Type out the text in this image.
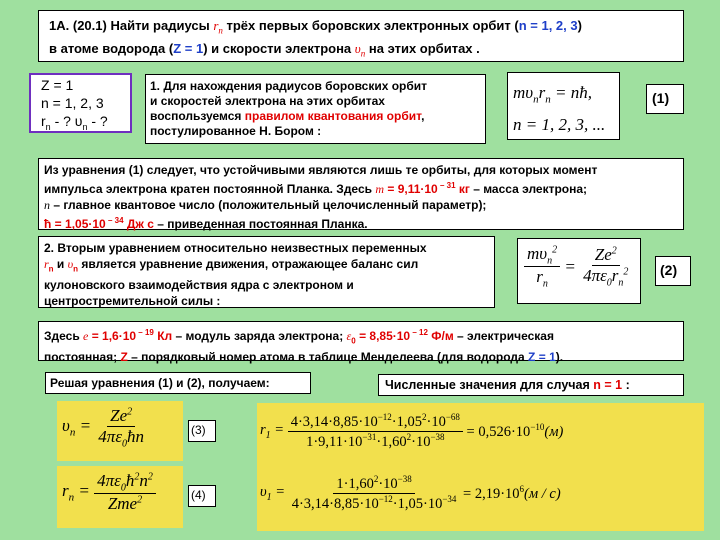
1А. (20.1) Найти радиусы $r_n$ трёх первых боровских электронных орбит (n = 1, 2, 3)
в атоме водорода (Z = 1) и скорости электрона $\upsilon_n$ на этих орбитах .
Z = 1
n = 1, 2, 3
$r_n$ - ? $\upsilon_n$ - ?
1. Для нахождения радиусов боровских орбит
и скоростей электрона на этих орбитах
воспользуемся правилом квантования орбит,
постулированное Н. Бором :
$m\upsilon_nr_n$ = nħ,
n = 1, 2, 3, ...
(1)
Из уравнения (1) следует, что устойчивыми являются лишь те орбиты, для которых момент
импульса электрона кратен постоянной Планка. Здесь m = 9,11·10 $^{- 31}$ кг – масса электрона;
n – главное квантовое число (положительный целочисленный параметр);
ħ = 1,05·10 $^{- 34}$ Дж с – приведенная постоянная Планка.
2. Вторым уравнением относительно неизвестных переменных
$r_n$ и $\upsilon_n$ является уравнение движения, отражающее баланс сил
кулоновского взаимодействия ядра с электроном и
центростремительной силы :
$\frac{m\upsilon_n^2}{r_n} = \frac{Ze^2}{4\pi\varepsilon_0r_n^2} (2)$
Здесь e = 1,6·10 $^{- 19}$ Кл – модуль заряда электрона; $\varepsilon_0 = 8,85\cdot 10$ $^{- 12}$ Ф/м – электрическая
постоянная; Z – порядковый номер атома в таблице Менделеева (для водорода Z = 1).
Решая уравнения (1) и (2), получаем:	Численные значения для случая n = 1 :
$\upsilon_n = \frac{Ze^2}{4\pi\varepsilon_0ħn}$	(3)
$r_n = \frac{4\pi\varepsilon_0ħ^2n^2}{Zme^2}$	(4)
$r_1 = \frac{4\cdot 3,14\cdot 8,85\cdot 10^{-12}\cdot 1,05^2\cdot 10^{-68}}{1\cdot 9,11\cdot 10^{-31}\cdot 1,60^2\cdot 10^{-38}} = 0,526\cdot 10^{-10}(м)$
$\upsilon_1 = \frac{1\cdot 1,60^2\cdot 10^{-38}}{4\cdot 3,14\cdot 8,85\cdot 10^{-12}\cdot 1,05\cdot 10^{-34}} = 2,19\cdot 10^6(м / с)$
